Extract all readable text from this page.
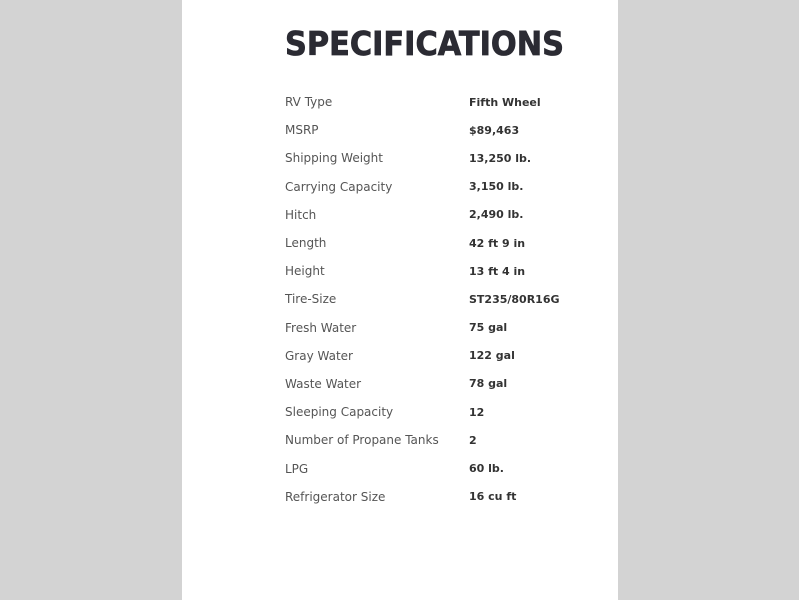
SPECIFICATIONS
RV Type	Fifth Wheel
MSRP	$89,463
Shipping Weight	13,250 lb.
Carrying Capacity	3,150 lb.
Hitch	2,490 lb.
Length	42 ft 9 in
Height	13 ft 4 in
Tire-Size	ST235/80R16G
Fresh Water	75 gal
Gray Water	122 gal
Waste Water	78 gal
Sleeping Capacity	12
Number of Propane Tanks	2
LPG	60 lb.
Refrigerator Size	16 cu ft
